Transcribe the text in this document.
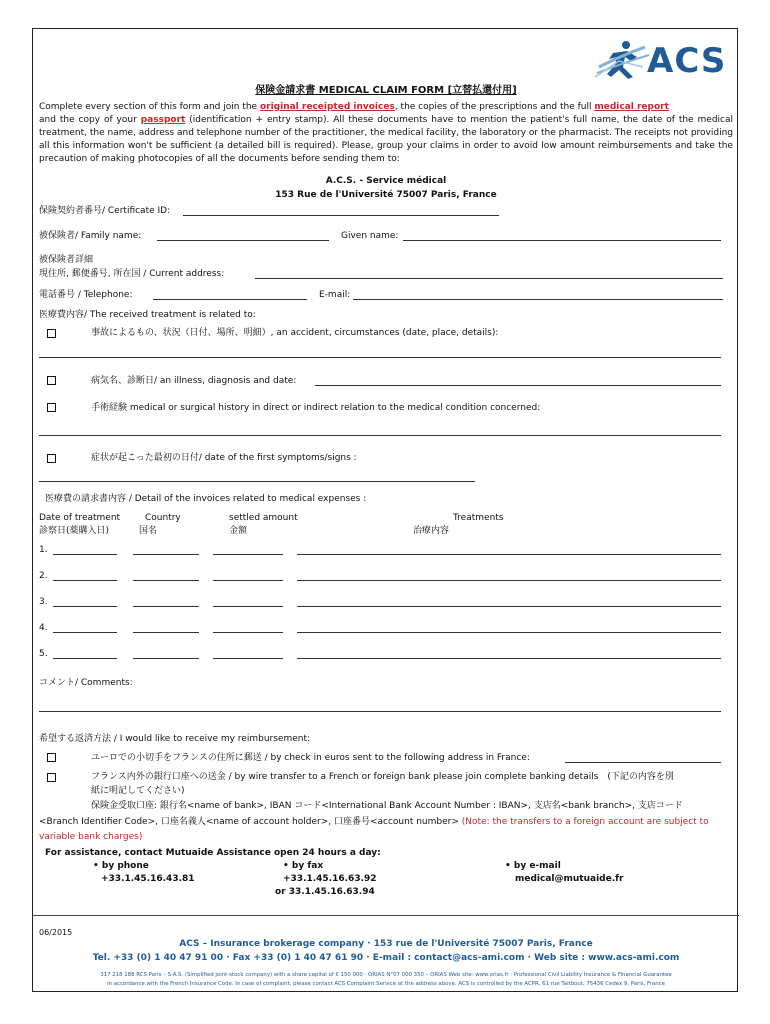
ACS
保険金請求書 MEDICAL CLAIM FORM [立替払還付用]
Complete every section of this form and join the original receipted invoices, the copies of the prescriptions and the full medical report
and the copy of your passport (identification + entry stamp). All these documents have to mention the patient's full name, the date of the medical treatment, the name, address and telephone number of the practitioner, the medical facility, the laboratory or the pharmacist. The receipts not providing all this information won't be sufficient (a detailed bill is required). Please, group your claims in order to avoid low amount reimbursements and take the precaution of making photocopies of all the documents before sending them to:
A.C.S. - Service médical
153 Rue de l'Université 75007 Paris, France
保険契約者番号/ Certificate ID:
被保険者/ Family name:	Given name:
被保険者詳細
現住所, 郵便番号, 所在国 / Current address:
電話番号 / Telephone:	E-mail:
医療費内容/ The received treatment is related to:
事故によるもの、状況（日付、場所、明細）, an accident, circumstances (date, place, details):
病気名、診断日/ an illness, diagnosis and date:
手術経験 medical or surgical history in direct or indirect relation to the medical condition concerned:
症状が起こった最初の日付/ date of the first symptoms/signs :
医療費の請求書内容 / Detail of the invoices related to medical expenses :
Date of treatment
診察日(薬購入日)
Country
国名
settled amount
金額
Treatments
治療内容
1.
2.
3.
4.
5.
コメント/ Comments:
希望する返済方法 / I would like to receive my reimbursement:
ユーロでの小切手をフランスの住所に郵送 / by check in euros sent to the following address in France:
フランス内外の銀行口座への送金 / by wire transfer to a French or foreign bank please join complete banking details　(下記の内容を別
紙に明記してください)
保険金受取口座: 銀行名<name of bank>, IBAN コード<International Bank Account Number : IBAN>, 支店名<bank branch>, 支店コード
<Branch Identifier Code>, 口座名義人<name of account holder>, 口座番号<account number> (Note: the transfers to a foreign account are subject to
variable bank charges)
For assistance, contact Mutuaide Assistance open 24 hours a day:
• by phone
+33.1.45.16.43.81
• by fax
+33.1.45.16.63.92
or 33.1.45.16.63.94
• by e-mail
medical@mutuaide.fr
06/2015
ACS – Insurance brokerage company · 153 rue de l'Université 75007 Paris, France
Tel. +33 (0) 1 40 47 91 00 · Fax +33 (0) 1 40 47 61 90 · E-mail : contact@acs-ami.com · Web site : www.acs-ami.com
317 218 188 RCS Paris – S.A.S. (Simplified joint-stock company) with a share capital of € 150 000 · ORIAS N°07 000 350 – ORIAS Web site: www.orias.fr · Professional Civil Liability Insurance & Financial Guarantee
in accordance with the French Insurance Code. In case of complaint, please contact ACS Complaint Service at the address above. ACS is controlled by the ACPR, 61 rue Taitbout, 75436 Cedex 9, Paris, France
